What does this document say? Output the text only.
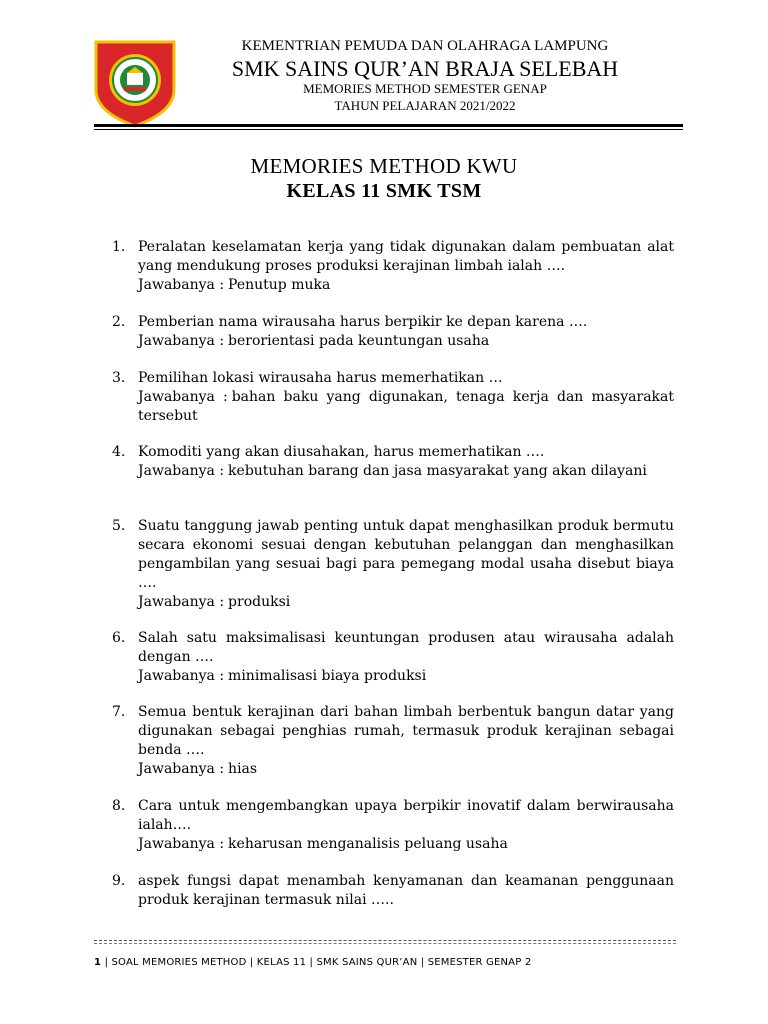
KEMENTRIAN PEMUDA DAN OLAHRAGA LAMPUNG
SMK SAINS QUR’AN BRAJA SELEBAH
MEMORIES METHOD SEMESTER GENAP
TAHUN PELAJARAN 2021/2022
MEMORIES METHOD KWU
KELAS 11 SMK TSM
1. Peralatan keselamatan kerja yang tidak digunakan dalam pembuatan alat yang mendukung proses produksi kerajinan limbah ialah ….
Jawabanya : Penutup muka
2. Pemberian nama wirausaha harus berpikir ke depan karena ….
Jawabanya : berorientasi pada keuntungan usaha
3. Pemilihan lokasi wirausaha harus memerhatikan …
Jawabanya : bahan baku yang digunakan, tenaga kerja dan masyarakat tersebut
4. Komoditi yang akan diusahakan, harus memerhatikan ….
Jawabanya : kebutuhan barang dan jasa masyarakat yang akan dilayani
5. Suatu tanggung jawab penting untuk dapat menghasilkan produk bermutu secara ekonomi sesuai dengan kebutuhan pelanggan dan menghasilkan pengambilan yang sesuai bagi para pemegang modal usaha disebut biaya ….
Jawabanya : produksi
6. Salah satu maksimalisasi keuntungan produsen atau wirausaha adalah dengan ….
Jawabanya : minimalisasi biaya produksi
7. Semua bentuk kerajinan dari bahan limbah berbentuk bangun datar yang digunakan sebagai penghias rumah, termasuk produk kerajinan sebagai benda ….
Jawabanya : hias
8. Cara untuk mengembangkan upaya berpikir inovatif dalam berwirausaha ialah….
Jawabanya : keharusan menganalisis peluang usaha
9. aspek fungsi dapat menambah kenyamanan dan keamanan penggunaan produk kerajinan termasuk nilai …..
1 | SOAL MEMORIES METHOD | KELAS 11 | SMK SAINS QUR’AN | SEMESTER GENAP 2
